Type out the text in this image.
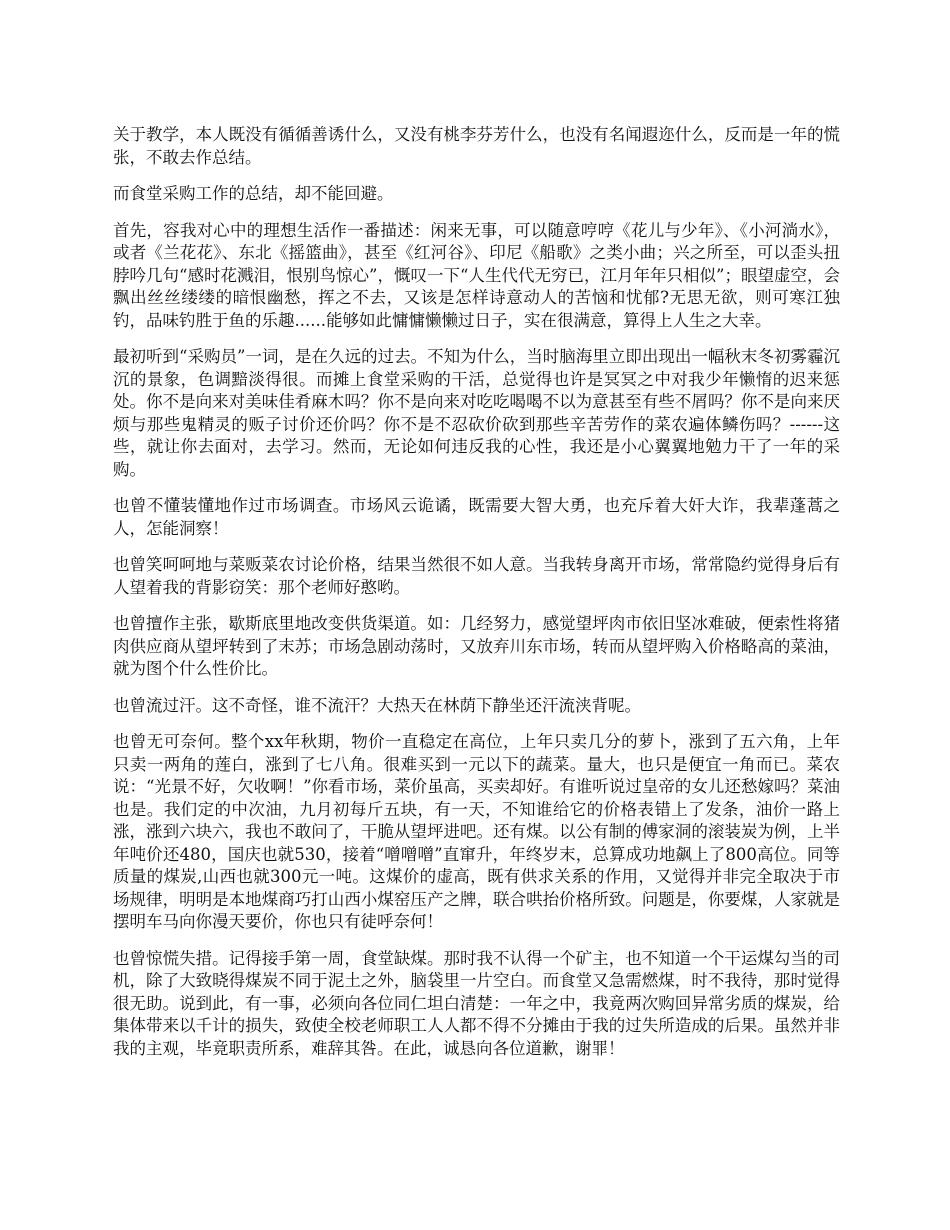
关于教学，本人既没有循循善诱什么，又没有桃李芬芳什么，也没有名闻遐迩什么，反而是一年的慌张，不敢去作总结。

而食堂采购工作的总结，却不能回避。

首先，容我对心中的理想生活作一番描述：闲来无事，可以随意哼哼《花儿与少年》、《小河淌水》，或者《兰花花》、东北《摇篮曲》，甚至《红河谷》、印尼《船歌》之类小曲；兴之所至，可以歪头扭脖吟几句“感时花溅泪，恨别鸟惊心”，慨叹一下“人生代代无穷已，江月年年只相似”；眼望虚空，会飘出丝丝缕缕的暗恨幽愁，挥之不去，又该是怎样诗意动人的苦恼和忧郁?无思无欲，则可寒江独钓，品味钓胜于鱼的乐趣......能够如此慵慵懒懒过日子，实在很满意，算得上人生之大幸。

最初听到“采购员”一词，是在久远的过去。不知为什么，当时脑海里立即出现出一幅秋末冬初雾霾沉沉的景象，色调黯淡得很。而摊上食堂采购的干活，总觉得也许是冥冥之中对我少年懒惰的迟来惩处。你不是向来对美味佳肴麻木吗？你不是向来对吃吃喝喝不以为意甚至有些不屑吗？你不是向来厌烦与那些鬼精灵的贩子讨价还价吗？你不是不忍砍价砍到那些辛苦劳作的菜农遍体鳞伤吗？------这些，就让你去面对，去学习。然而，无论如何违反我的心性，我还是小心翼翼地勉力干了一年的采购。

也曾不懂装懂地作过市场调查。市场风云诡谲，既需要大智大勇，也充斥着大奸大诈，我辈蓬蒿之人，怎能洞察！

也曾笑呵呵地与菜贩菜农讨论价格，结果当然很不如人意。当我转身离开市场，常常隐约觉得身后有人望着我的背影窃笑：那个老师好憨哟。

也曾擅作主张，歇斯底里地改变供货渠道。如：几经努力，感觉望坪肉市依旧坚冰难破，便索性将猪肉供应商从望坪转到了末苏；市场急剧动荡时，又放弃川东市场，转而从望坪购入价格略高的菜油，就为图个什么性价比。

也曾流过汗。这不奇怪，谁不流汗？大热天在林荫下静坐还汗流浃背呢。

也曾无可奈何。整个xx年秋期，物价一直稳定在高位，上年只卖几分的萝卜，涨到了五六角，上年只卖一两角的莲白，涨到了七八角。很难买到一元以下的蔬菜。量大，也只是便宜一角而已。菜农说：“光景不好，欠收啊！”你看市场，菜价虽高，买卖却好。有谁听说过皇帝的女儿还愁嫁吗？菜油也是。我们定的中次油，九月初每斤五块，有一天，不知谁给它的价格表错上了发条，油价一路上涨，涨到六块六，我也不敢问了，干脆从望坪进吧。还有煤。以公有制的傅家洞的滚装炭为例，上半年吨价还480，国庆也就530，接着“噌噌噌”直窜升，年终岁末，总算成功地飙上了800高位。同等质量的煤炭,山西也就300元一吨。这煤价的虚高，既有供求关系的作用，又觉得并非完全取决于市场规律，明明是本地煤商巧打山西小煤窑压产之牌，联合哄抬价格所致。问题是，你要煤，人家就是摆明车马向你漫天要价，你也只有徒呼奈何！

也曾惊慌失措。记得接手第一周，食堂缺煤。那时我不认得一个矿主，也不知道一个干运煤勾当的司机，除了大致晓得煤炭不同于泥土之外，脑袋里一片空白。而食堂又急需燃煤，时不我待，那时觉得很无助。说到此，有一事，必须向各位同仁坦白清楚：一年之中，我竟两次购回异常劣质的煤炭，给集体带来以千计的损失，致使全校老师职工人人都不得不分摊由于我的过失所造成的后果。虽然并非我的主观，毕竟职责所系，难辞其咎。在此，诚恳向各位道歉，谢罪！
